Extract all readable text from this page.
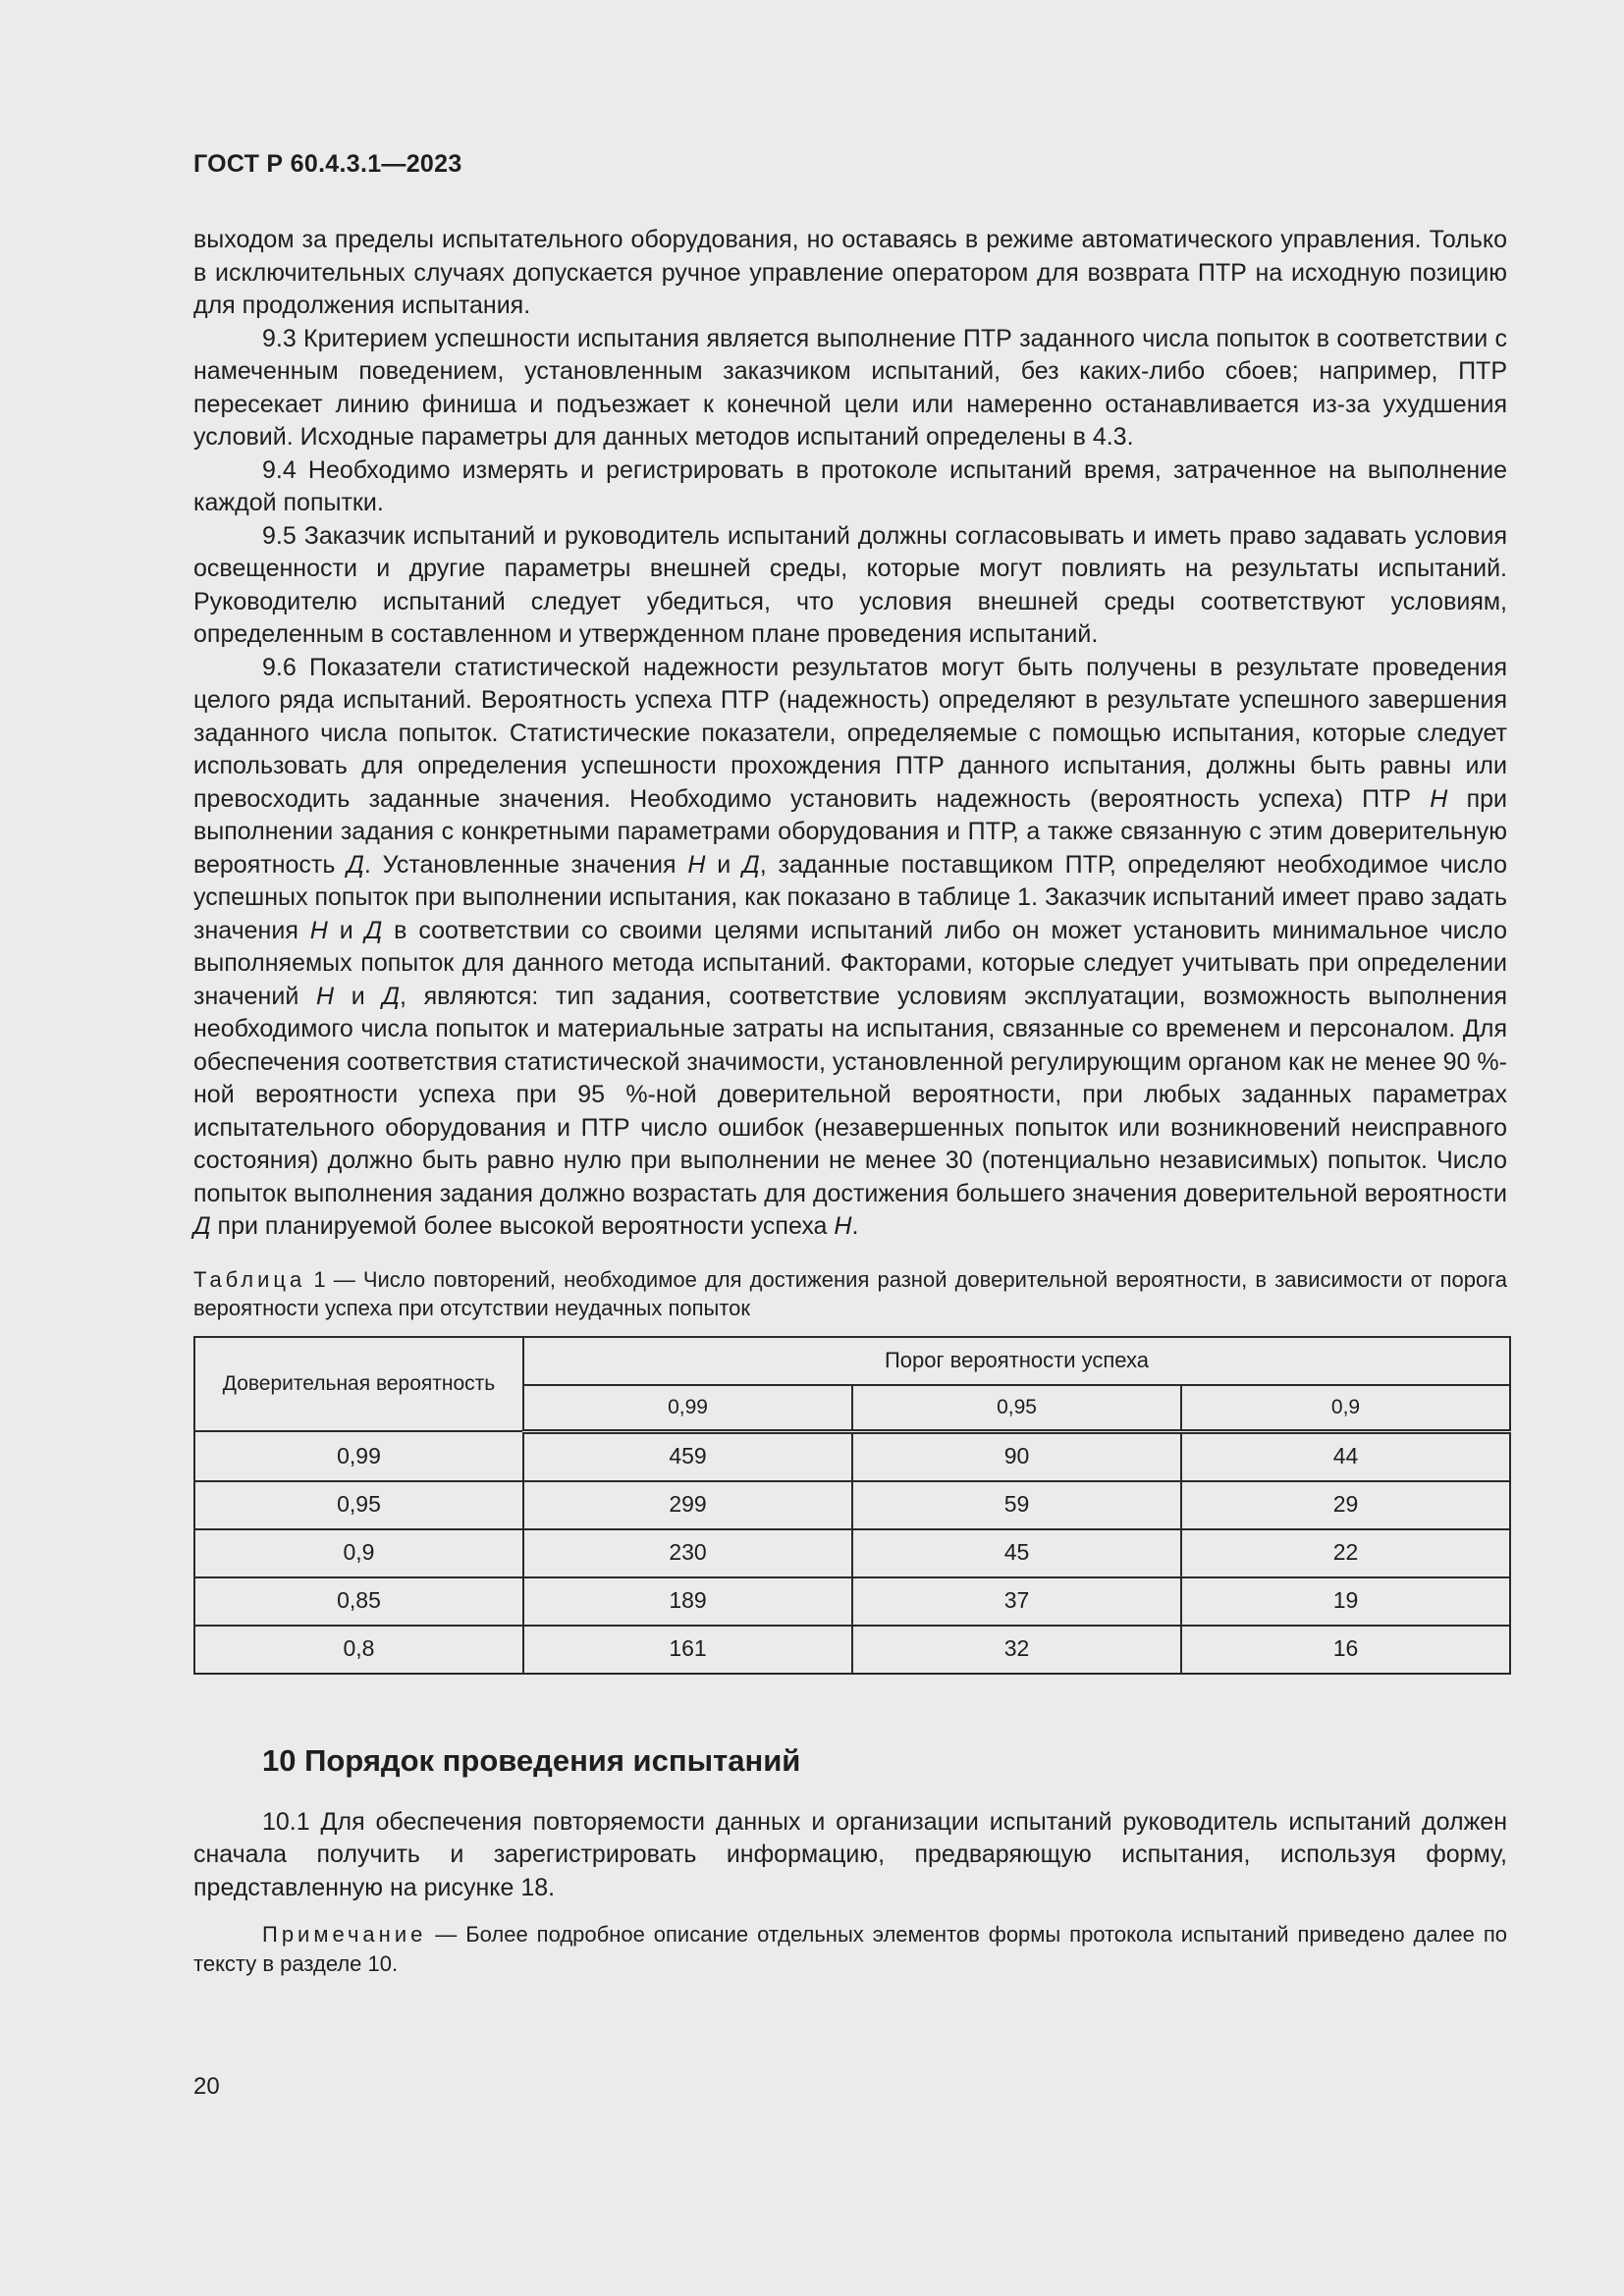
ГОСТ Р 60.4.3.1—2023

выходом за пределы испытательного оборудования, но оставаясь в режиме автоматического управления. Только в исключительных случаях допускается ручное управление оператором для возврата ПТР на исходную позицию для продолжения испытания.

9.3 Критерием успешности испытания является выполнение ПТР заданного числа попыток в соответствии с намеченным поведением, установленным заказчиком испытаний, без каких-либо сбоев; например, ПТР пересекает линию финиша и подъезжает к конечной цели или намеренно останавливается из-за ухудшения условий. Исходные параметры для данных методов испытаний определены в 4.3.

9.4 Необходимо измерять и регистрировать в протоколе испытаний время, затраченное на выполнение каждой попытки.

9.5 Заказчик испытаний и руководитель испытаний должны согласовывать и иметь право задавать условия освещенности и другие параметры внешней среды, которые могут повлиять на результаты испытаний. Руководителю испытаний следует убедиться, что условия внешней среды соответствуют условиям, определенным в составленном и утвержденном плане проведения испытаний.

9.6 Показатели статистической надежности результатов могут быть получены в результате проведения целого ряда испытаний. Вероятность успеха ПТР (надежность) определяют в результате успешного завершения заданного числа попыток. Статистические показатели, определяемые с помощью испытания, которые следует использовать для определения успешности прохождения ПТР данного испытания, должны быть равны или превосходить заданные значения. Необходимо установить надежность (вероятность успеха) ПТР Н при выполнении задания с конкретными параметрами оборудования и ПТР, а также связанную с этим доверительную вероятность Д. Установленные значения Н и Д, заданные поставщиком ПТР, определяют необходимое число успешных попыток при выполнении испытания, как показано в таблице 1. Заказчик испытаний имеет право задать значения Н и Д в соответствии со своими целями испытаний либо он может установить минимальное число выполняемых попыток для данного метода испытаний. Факторами, которые следует учитывать при определении значений Н и Д, являются: тип задания, соответствие условиям эксплуатации, возможность выполнения необходимого числа попыток и материальные затраты на испытания, связанные со временем и персоналом. Для обеспечения соответствия статистической значимости, установленной регулирующим органом как не менее 90 %-ной вероятности успеха при 95 %-ной доверительной вероятности, при любых заданных параметрах испытательного оборудования и ПТР число ошибок (незавершенных попыток или возникновений неисправного состояния) должно быть равно нулю при выполнении не менее 30 (потенциально независимых) попыток. Число попыток выполнения задания должно возрастать для достижения большего значения доверительной вероятности Д при планируемой более высокой вероятности успеха Н.

Таблица 1 — Число повторений, необходимое для достижения разной доверительной вероятности, в зависимости от порога вероятности успеха при отсутствии неудачных попыток
Доверительная вероятность	Порог вероятности успеха		
	0,99	0,95	0,9
0,99	459	90	44
0,95	299	59	29
0,9	230	45	22
0,85	189	37	19
0,8	161	32	16
10 Порядок проведения испытаний

10.1 Для обеспечения повторяемости данных и организации испытаний руководитель испытаний должен сначала получить и зарегистрировать информацию, предваряющую испытания, используя форму, представленную на рисунке 18.

Примечание — Более подробное описание отдельных элементов формы протокола испытаний приведено далее по тексту в разделе 10.

20
